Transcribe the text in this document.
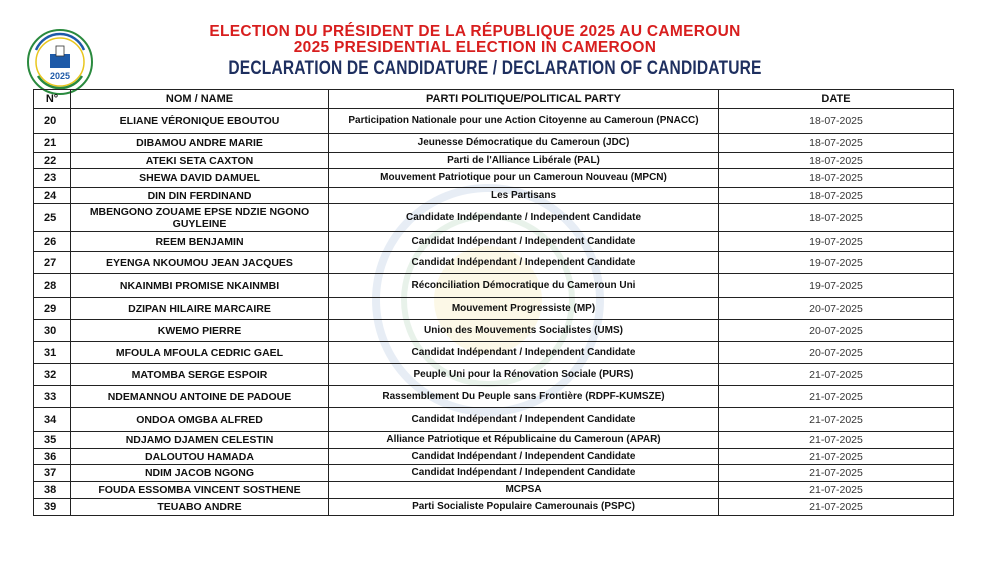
2025
ELECTION DU PRÉSIDENT DE LA RÉPUBLIQUE 2025 AU CAMEROUN
2025 PRESIDENTIAL ELECTION IN CAMEROON
DECLARATION DE CANDIDATURE / DECLARATION OF CANDIDATURE
N°	NOM / NAME	PARTI POLITIQUE/POLITICAL PARTY	DATE
20	ELIANE VÉRONIQUE EBOUTOU	Participation Nationale pour une Action Citoyenne au Cameroun (PNACC)	18-07-2025
21	DIBAMOU ANDRE MARIE	Jeunesse Démocratique du Cameroun (JDC)	18-07-2025
22	ATEKI SETA CAXTON	Parti de l'Alliance Libérale (PAL)	18-07-2025
23	SHEWA DAVID DAMUEL	Mouvement Patriotique pour un Cameroun Nouveau (MPCN)	18-07-2025
24	DIN DIN FERDINAND	Les Partisans	18-07-2025
25	MBENGONO ZOUAME EPSE NDZIE NGONO GUYLEINE	Candidate Indépendante / Independent Candidate	18-07-2025
26	REEM BENJAMIN	Candidat Indépendant / Independent Candidate	19-07-2025
27	EYENGA NKOUMOU JEAN JACQUES	Candidat Indépendant / Independent Candidate	19-07-2025
28	NKAINMBI PROMISE NKAINMBI	Réconciliation Démocratique du Cameroun Uni	19-07-2025
29	DZIPAN HILAIRE MARCAIRE	Mouvement Progressiste (MP)	20-07-2025
30	KWEMO PIERRE	Union des Mouvements Socialistes (UMS)	20-07-2025
31	MFOULA MFOULA CEDRIC GAEL	Candidat Indépendant / Independent Candidate	20-07-2025
32	MATOMBA SERGE ESPOIR	Peuple Uni pour la Rénovation Sociale (PURS)	21-07-2025
33	NDEMANNOU ANTOINE DE PADOUE	Rassemblement Du Peuple sans Frontière (RDPF-KUMSZE)	21-07-2025
34	ONDOA OMGBA ALFRED	Candidat Indépendant / Independent Candidate	21-07-2025
35	NDJAMO DJAMEN CELESTIN	Alliance Patriotique et Républicaine du Cameroun (APAR)	21-07-2025
36	DALOUTOU HAMADA	Candidat Indépendant / Independent Candidate	21-07-2025
37	NDIM JACOB NGONG	Candidat Indépendant / Independent Candidate	21-07-2025
38	FOUDA ESSOMBA VINCENT SOSTHENE	MCPSA	21-07-2025
39	TEUABO ANDRE	Parti Socialiste Populaire Camerounais (PSPC)	21-07-2025
